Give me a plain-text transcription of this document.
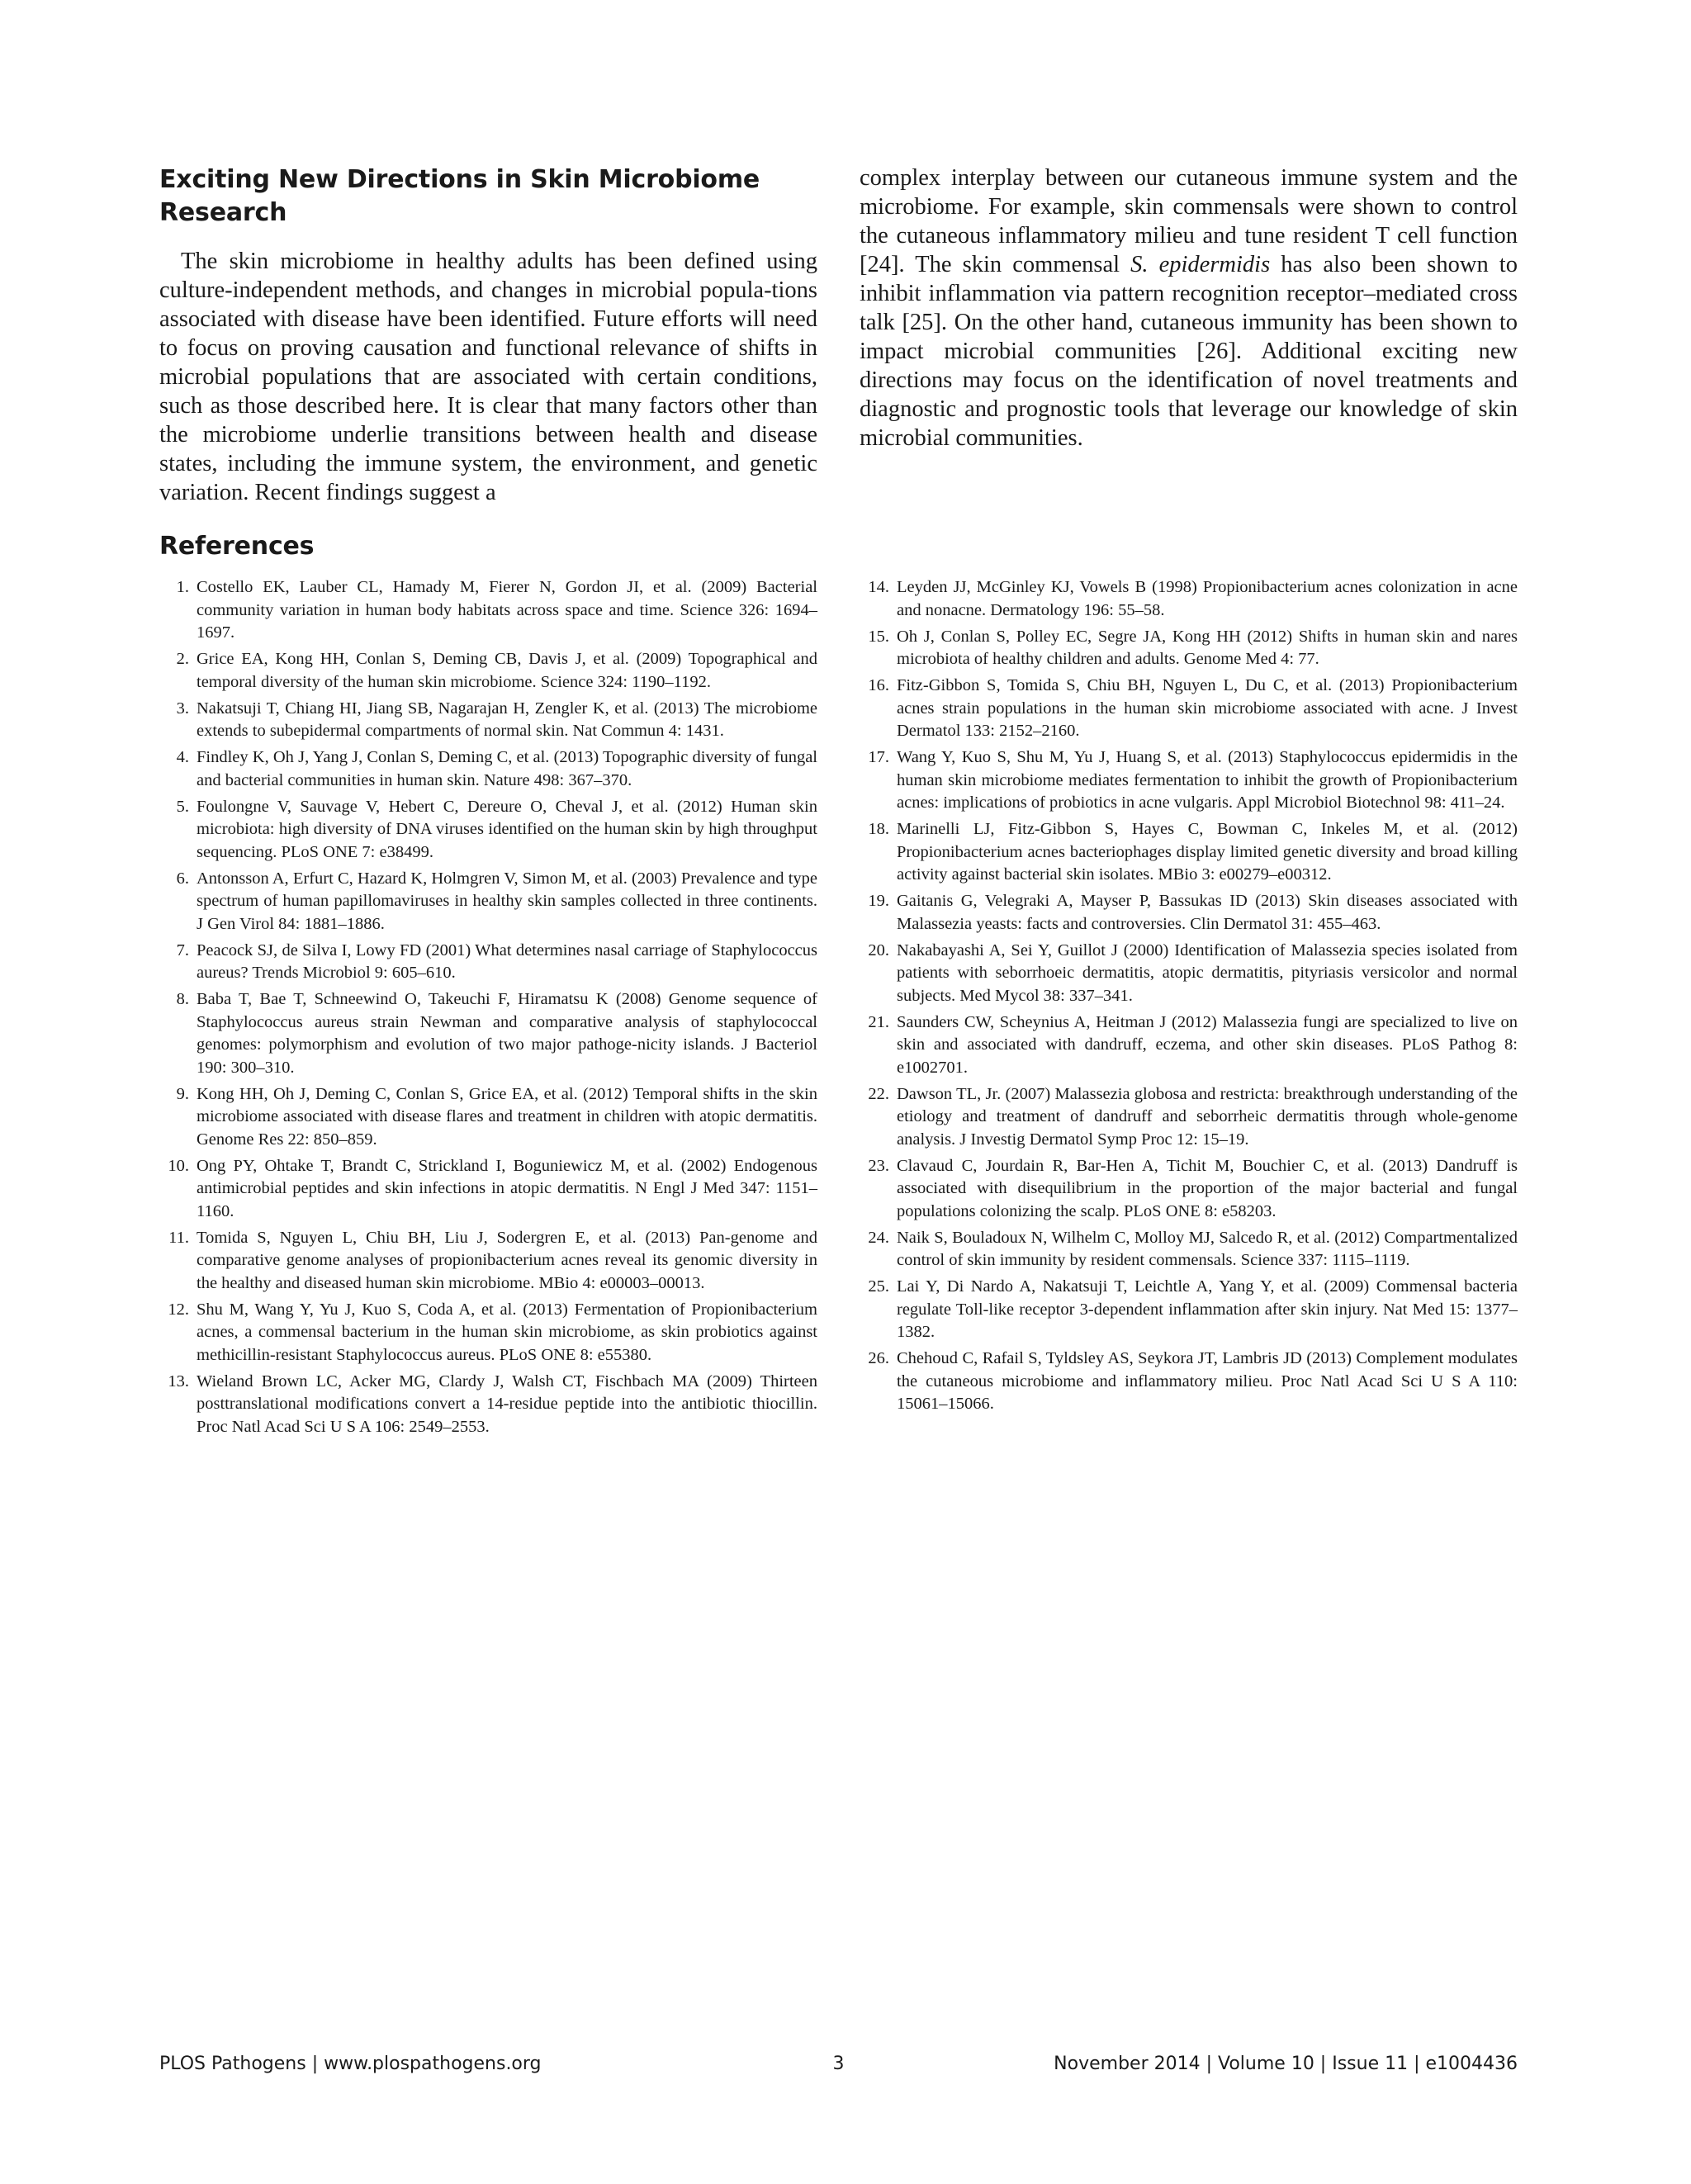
Exciting New Directions in Skin Microbiome Research

The skin microbiome in healthy adults has been defined using culture-independent methods, and changes in microbial popula-tions associated with disease have been identified. Future efforts will need to focus on proving causation and functional relevance of shifts in microbial populations that are associated with certain conditions, such as those described here. It is clear that many factors other than the microbiome underlie transitions between health and disease states, including the immune system, the environment, and genetic variation. Recent findings suggest a

complex interplay between our cutaneous immune system and the microbiome. For example, skin commensals were shown to control the cutaneous inflammatory milieu and tune resident T cell function [24]. The skin commensal S. epidermidis has also been shown to inhibit inflammation via pattern recognition receptor–mediated cross talk [25]. On the other hand, cutaneous immunity has been shown to impact microbial communities [26]. Additional exciting new directions may focus on the identification of novel treatments and diagnostic and prognostic tools that leverage our knowledge of skin microbial communities.

References
1. Costello EK, Lauber CL, Hamady M, Fierer N, Gordon JI, et al. (2009) Bacterial community variation in human body habitats across space and time. Science 326: 1694–1697.
2. Grice EA, Kong HH, Conlan S, Deming CB, Davis J, et al. (2009) Topographical and temporal diversity of the human skin microbiome. Science 324: 1190–1192.
3. Nakatsuji T, Chiang HI, Jiang SB, Nagarajan H, Zengler K, et al. (2013) The microbiome extends to subepidermal compartments of normal skin. Nat Commun 4: 1431.
4. Findley K, Oh J, Yang J, Conlan S, Deming C, et al. (2013) Topographic diversity of fungal and bacterial communities in human skin. Nature 498: 367–370.
5. Foulongne V, Sauvage V, Hebert C, Dereure O, Cheval J, et al. (2012) Human skin microbiota: high diversity of DNA viruses identified on the human skin by high throughput sequencing. PLoS ONE 7: e38499.
6. Antonsson A, Erfurt C, Hazard K, Holmgren V, Simon M, et al. (2003) Prevalence and type spectrum of human papillomaviruses in healthy skin samples collected in three continents. J Gen Virol 84: 1881–1886.
7. Peacock SJ, de Silva I, Lowy FD (2001) What determines nasal carriage of Staphylococcus aureus? Trends Microbiol 9: 605–610.
8. Baba T, Bae T, Schneewind O, Takeuchi F, Hiramatsu K (2008) Genome sequence of Staphylococcus aureus strain Newman and comparative analysis of staphylococcal genomes: polymorphism and evolution of two major pathoge-nicity islands. J Bacteriol 190: 300–310.
9. Kong HH, Oh J, Deming C, Conlan S, Grice EA, et al. (2012) Temporal shifts in the skin microbiome associated with disease flares and treatment in children with atopic dermatitis. Genome Res 22: 850–859.
10. Ong PY, Ohtake T, Brandt C, Strickland I, Boguniewicz M, et al. (2002) Endogenous antimicrobial peptides and skin infections in atopic dermatitis. N Engl J Med 347: 1151–1160.
11. Tomida S, Nguyen L, Chiu BH, Liu J, Sodergren E, et al. (2013) Pan-genome and comparative genome analyses of propionibacterium acnes reveal its genomic diversity in the healthy and diseased human skin microbiome. MBio 4: e00003–00013.
12. Shu M, Wang Y, Yu J, Kuo S, Coda A, et al. (2013) Fermentation of Propionibacterium acnes, a commensal bacterium in the human skin microbiome, as skin probiotics against methicillin-resistant Staphylococcus aureus. PLoS ONE 8: e55380.
13. Wieland Brown LC, Acker MG, Clardy J, Walsh CT, Fischbach MA (2009) Thirteen posttranslational modifications convert a 14-residue peptide into the antibiotic thiocillin. Proc Natl Acad Sci U S A 106: 2549–2553.
14. Leyden JJ, McGinley KJ, Vowels B (1998) Propionibacterium acnes colonization in acne and nonacne. Dermatology 196: 55–58.
15. Oh J, Conlan S, Polley EC, Segre JA, Kong HH (2012) Shifts in human skin and nares microbiota of healthy children and adults. Genome Med 4: 77.
16. Fitz-Gibbon S, Tomida S, Chiu BH, Nguyen L, Du C, et al. (2013) Propionibacterium acnes strain populations in the human skin microbiome associated with acne. J Invest Dermatol 133: 2152–2160.
17. Wang Y, Kuo S, Shu M, Yu J, Huang S, et al. (2013) Staphylococcus epidermidis in the human skin microbiome mediates fermentation to inhibit the growth of Propionibacterium acnes: implications of probiotics in acne vulgaris. Appl Microbiol Biotechnol 98: 411–24.
18. Marinelli LJ, Fitz-Gibbon S, Hayes C, Bowman C, Inkeles M, et al. (2012) Propionibacterium acnes bacteriophages display limited genetic diversity and broad killing activity against bacterial skin isolates. MBio 3: e00279–e00312.
19. Gaitanis G, Velegraki A, Mayser P, Bassukas ID (2013) Skin diseases associated with Malassezia yeasts: facts and controversies. Clin Dermatol 31: 455–463.
20. Nakabayashi A, Sei Y, Guillot J (2000) Identification of Malassezia species isolated from patients with seborrhoeic dermatitis, atopic dermatitis, pityriasis versicolor and normal subjects. Med Mycol 38: 337–341.
21. Saunders CW, Scheynius A, Heitman J (2012) Malassezia fungi are specialized to live on skin and associated with dandruff, eczema, and other skin diseases. PLoS Pathog 8: e1002701.
22. Dawson TL, Jr. (2007) Malassezia globosa and restricta: breakthrough understanding of the etiology and treatment of dandruff and seborrheic dermatitis through whole-genome analysis. J Investig Dermatol Symp Proc 12: 15–19.
23. Clavaud C, Jourdain R, Bar-Hen A, Tichit M, Bouchier C, et al. (2013) Dandruff is associated with disequilibrium in the proportion of the major bacterial and fungal populations colonizing the scalp. PLoS ONE 8: e58203.
24. Naik S, Bouladoux N, Wilhelm C, Molloy MJ, Salcedo R, et al. (2012) Compartmentalized control of skin immunity by resident commensals. Science 337: 1115–1119.
25. Lai Y, Di Nardo A, Nakatsuji T, Leichtle A, Yang Y, et al. (2009) Commensal bacteria regulate Toll-like receptor 3-dependent inflammation after skin injury. Nat Med 15: 1377–1382.
26. Chehoud C, Rafail S, Tyldsley AS, Seykora JT, Lambris JD (2013) Complement modulates the cutaneous microbiome and inflammatory milieu. Proc Natl Acad Sci U S A 110: 15061–15066.
PLOS Pathogens | www.plospathogens.org	3	November 2014 | Volume 10 | Issue 11 | e1004436
